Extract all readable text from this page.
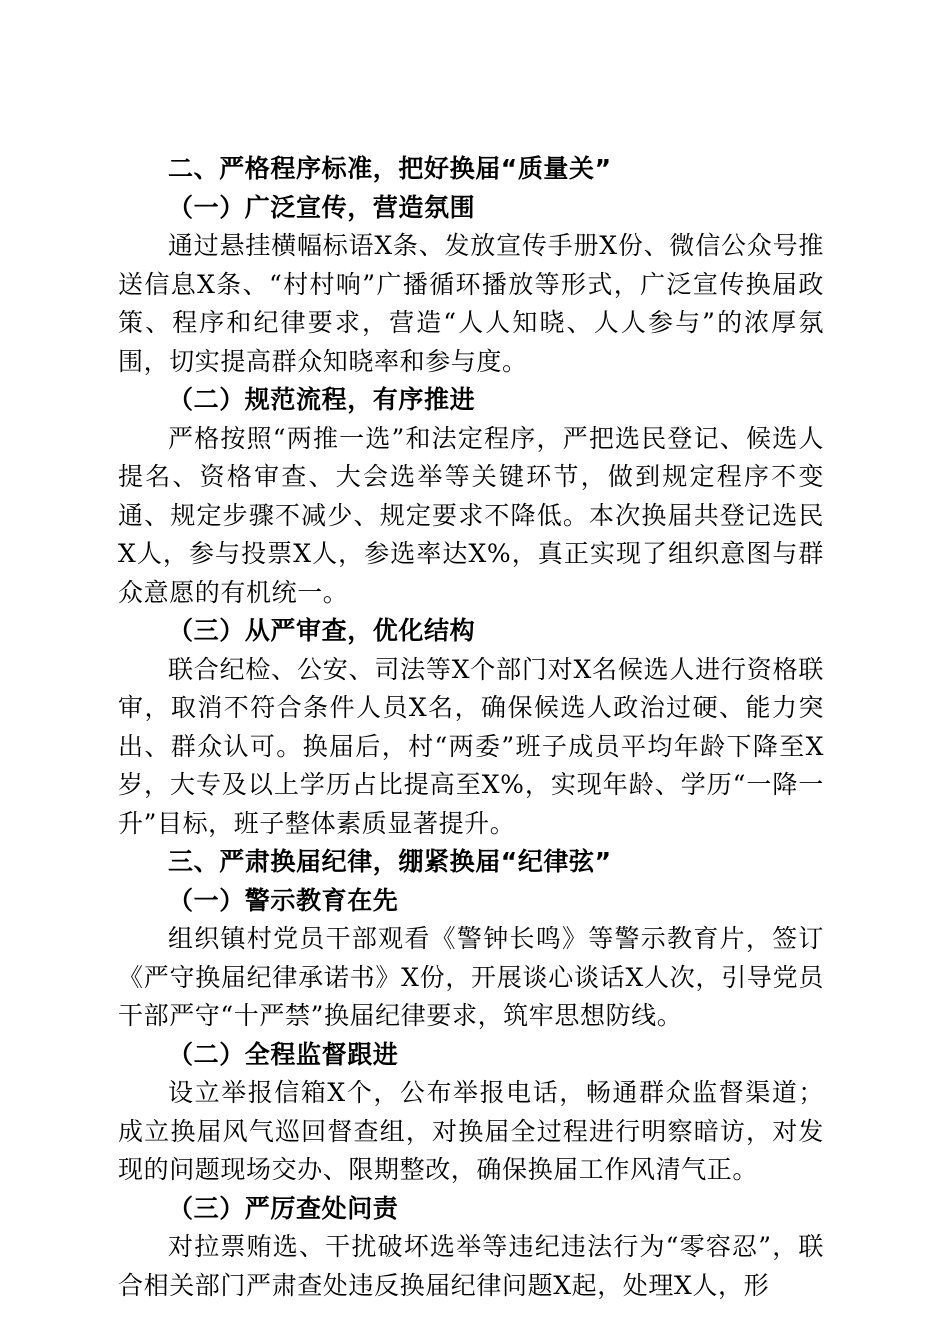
二、严格程序标准，把好换届“质量关”

（一）广泛宣传，营造氛围

通过悬挂横幅标语X条、发放宣传手册X份、微信公众号推送信息X条、“村村响”广播循环播放等形式，广泛宣传换届政策、程序和纪律要求，营造“人人知晓、人人参与”的浓厚氛围，切实提高群众知晓率和参与度。

（二）规范流程，有序推进

严格按照“两推一选”和法定程序，严把选民登记、候选人提名、资格审查、大会选举等关键环节，做到规定程序不变通、规定步骤不减少、规定要求不降低。本次换届共登记选民X人，参与投票X人，参选率达X%，真正实现了组织意图与群众意愿的有机统一。

（三）从严审查，优化结构

联合纪检、公安、司法等X个部门对X名候选人进行资格联审，取消不符合条件人员X名，确保候选人政治过硬、能力突出、群众认可。换届后，村“两委”班子成员平均年龄下降至X岁，大专及以上学历占比提高至X%，实现年龄、学历“一降一升”目标，班子整体素质显著提升。

三、严肃换届纪律，绷紧换届“纪律弦”

（一）警示教育在先

组织镇村党员干部观看《警钟长鸣》等警示教育片，签订《严守换届纪律承诺书》X份，开展谈心谈话X人次，引导党员干部严守“十严禁”换届纪律要求，筑牢思想防线。

（二）全程监督跟进

设立举报信箱X个，公布举报电话，畅通群众监督渠道；成立换届风气巡回督查组，对换届全过程进行明察暗访，对发现的问题现场交办、限期整改，确保换届工作风清气正。

（三）严厉查处问责

对拉票贿选、干扰破坏选举等违纪违法行为“零容忍”，联合相关部门严肃查处违反换届纪律问题X起，处理X人，形
